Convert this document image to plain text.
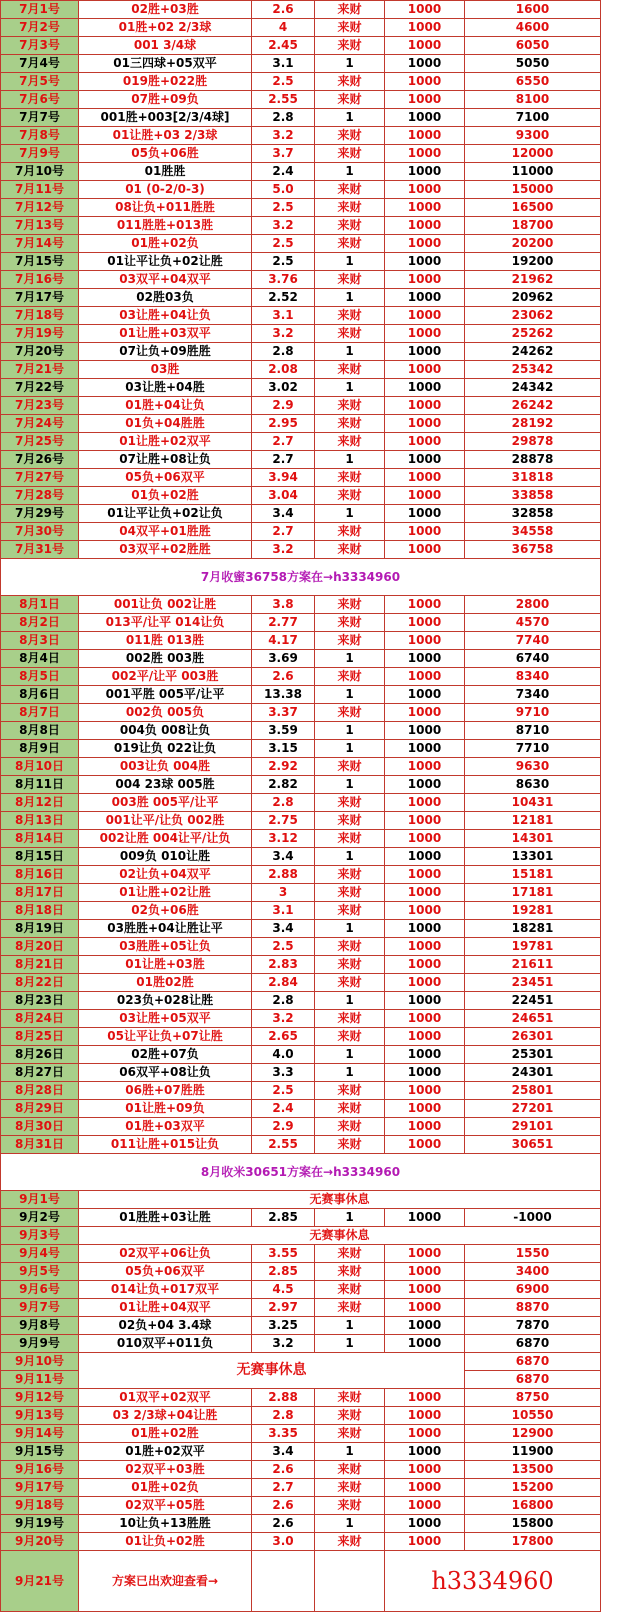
7月1号	02胜+03胜	2.6	来财	1000	1600
7月2号	01胜+02 2/3球	4	来财	1000	4600
7月3号	001 3/4球	2.45	来财	1000	6050
7月4号	01三四球+05双平	3.1	1	1000	5050
7月5号	019胜+022胜	2.5	来财	1000	6550
7月6号	07胜+09负	2.55	来财	1000	8100
7月7号	001胜+003[2/3/4球]	2.8	1	1000	7100
7月8号	01让胜+03 2/3球	3.2	来财	1000	9300
7月9号	05负+06胜	3.7	来财	1000	12000
7月10号	01胜胜	2.4	1	1000	11000
7月11号	01 (0-2/0-3)	5.0	来财	1000	15000
7月12号	08让负+011胜胜	2.5	来财	1000	16500
7月13号	011胜胜+013胜	3.2	来财	1000	18700
7月14号	01胜+02负	2.5	来财	1000	20200
7月15号	01让平让负+02让胜	2.5	1	1000	19200
7月16号	03双平+04双平	3.76	来财	1000	21962
7月17号	02胜03负	2.52	1	1000	20962
7月18号	03让胜+04让负	3.1	来财	1000	23062
7月19号	01让胜+03双平	3.2	来财	1000	25262
7月20号	07让负+09胜胜	2.8	1	1000	24262
7月21号	03胜	2.08	来财	1000	25342
7月22号	03让胜+04胜	3.02	1	1000	24342
7月23号	01胜+04让负	2.9	来财	1000	26242
7月24号	01负+04胜胜	2.95	来财	1000	28192
7月25号	01让胜+02双平	2.7	来财	1000	29878
7月26号	07让胜+08让负	2.7	1	1000	28878
7月27号	05负+06双平	3.94	来财	1000	31818
7月28号	01负+02胜	3.04	来财	1000	33858
7月29号	01让平让负+02让负	3.4	1	1000	32858
7月30号	04双平+01胜胜	2.7	来财	1000	34558
7月31号	03双平+02胜胜	3.2	来财	1000	36758
7月收蜜36758方案在→h3334960					
8月1日	001让负 002让胜	3.8	来财	1000	2800
8月2日	013平/让平 014让负	2.77	来财	1000	4570
8月3日	011胜 013胜	4.17	来财	1000	7740
8月4日	002胜 003胜	3.69	1	1000	6740
8月5日	002平/让平 003胜	2.6	来财	1000	8340
8月6日	001平胜 005平/让平	13.38	1	1000	7340
8月7日	002负 005负	3.37	来财	1000	9710
8月8日	004负 008让负	3.59	1	1000	8710
8月9日	019让负 022让负	3.15	1	1000	7710
8月10日	003让负 004胜	2.92	来财	1000	9630
8月11日	004 23球 005胜	2.82	1	1000	8630
8月12日	003胜 005平/让平	2.8	来财	1000	10431
8月13日	001让平/让负 002胜	2.75	来财	1000	12181
8月14日	002让胜 004让平/让负	3.12	来财	1000	14301
8月15日	009负 010让胜	3.4	1	1000	13301
8月16日	02让负+04双平	2.88	来财	1000	15181
8月17日	01让胜+02让胜	3	来财	1000	17181
8月18日	02负+06胜	3.1	来财	1000	19281
8月19日	03胜胜+04让胜让平	3.4	1	1000	18281
8月20日	03胜胜+05让负	2.5	来财	1000	19781
8月21日	01让胜+03胜	2.83	来财	1000	21611
8月22日	01胜02胜	2.84	来财	1000	23451
8月23日	023负+028让胜	2.8	1	1000	22451
8月24日	03让胜+05双平	3.2	来财	1000	24651
8月25日	05让平让负+07让胜	2.65	来财	1000	26301
8月26日	02胜+07负	4.0	1	1000	25301
8月27日	06双平+08让负	3.3	1	1000	24301
8月28日	06胜+07胜胜	2.5	来财	1000	25801
8月29日	01让胜+09负	2.4	来财	1000	27201
8月30日	01胜+03双平	2.9	来财	1000	29101
8月31日	011让胜+015让负	2.55	来财	1000	30651
8月收米30651方案在→h3334960					
9月1号	无赛事休息				
9月2号	01胜胜+03让胜	2.85	1	1000	-1000
9月3号	无赛事休息				
9月4号	02双平+06让负	3.55	来财	1000	1550
9月5号	05负+06双平	2.85	来财	1000	3400
9月6号	014让负+017双平	4.5	来财	1000	6900
9月7号	01让胜+04双平	2.97	来财	1000	8870
9月8号	02负+04 3.4球	3.25	1	1000	7870
9月9号	010双平+011负	3.2	1	1000	6870
9月10号	无赛事休息				6870
9月11号					6870
9月12号	01双平+02双平	2.88	来财	1000	8750
9月13号	03 2/3球+04让胜	2.8	来财	1000	10550
9月14号	01胜+02胜	3.35	来财	1000	12900
9月15号	01胜+02双平	3.4	1	1000	11900
9月16号	02双平+03胜	2.6	来财	1000	13500
9月17号	01胜+02负	2.7	来财	1000	15200
9月18号	02双平+05胜	2.6	来财	1000	16800
9月19号	10让负+13胜胜	2.6	1	1000	15800
9月20号	01让负+02胜	3.0	来财	1000	17800
9月21号	方案已出欢迎查看→			h3334960	
